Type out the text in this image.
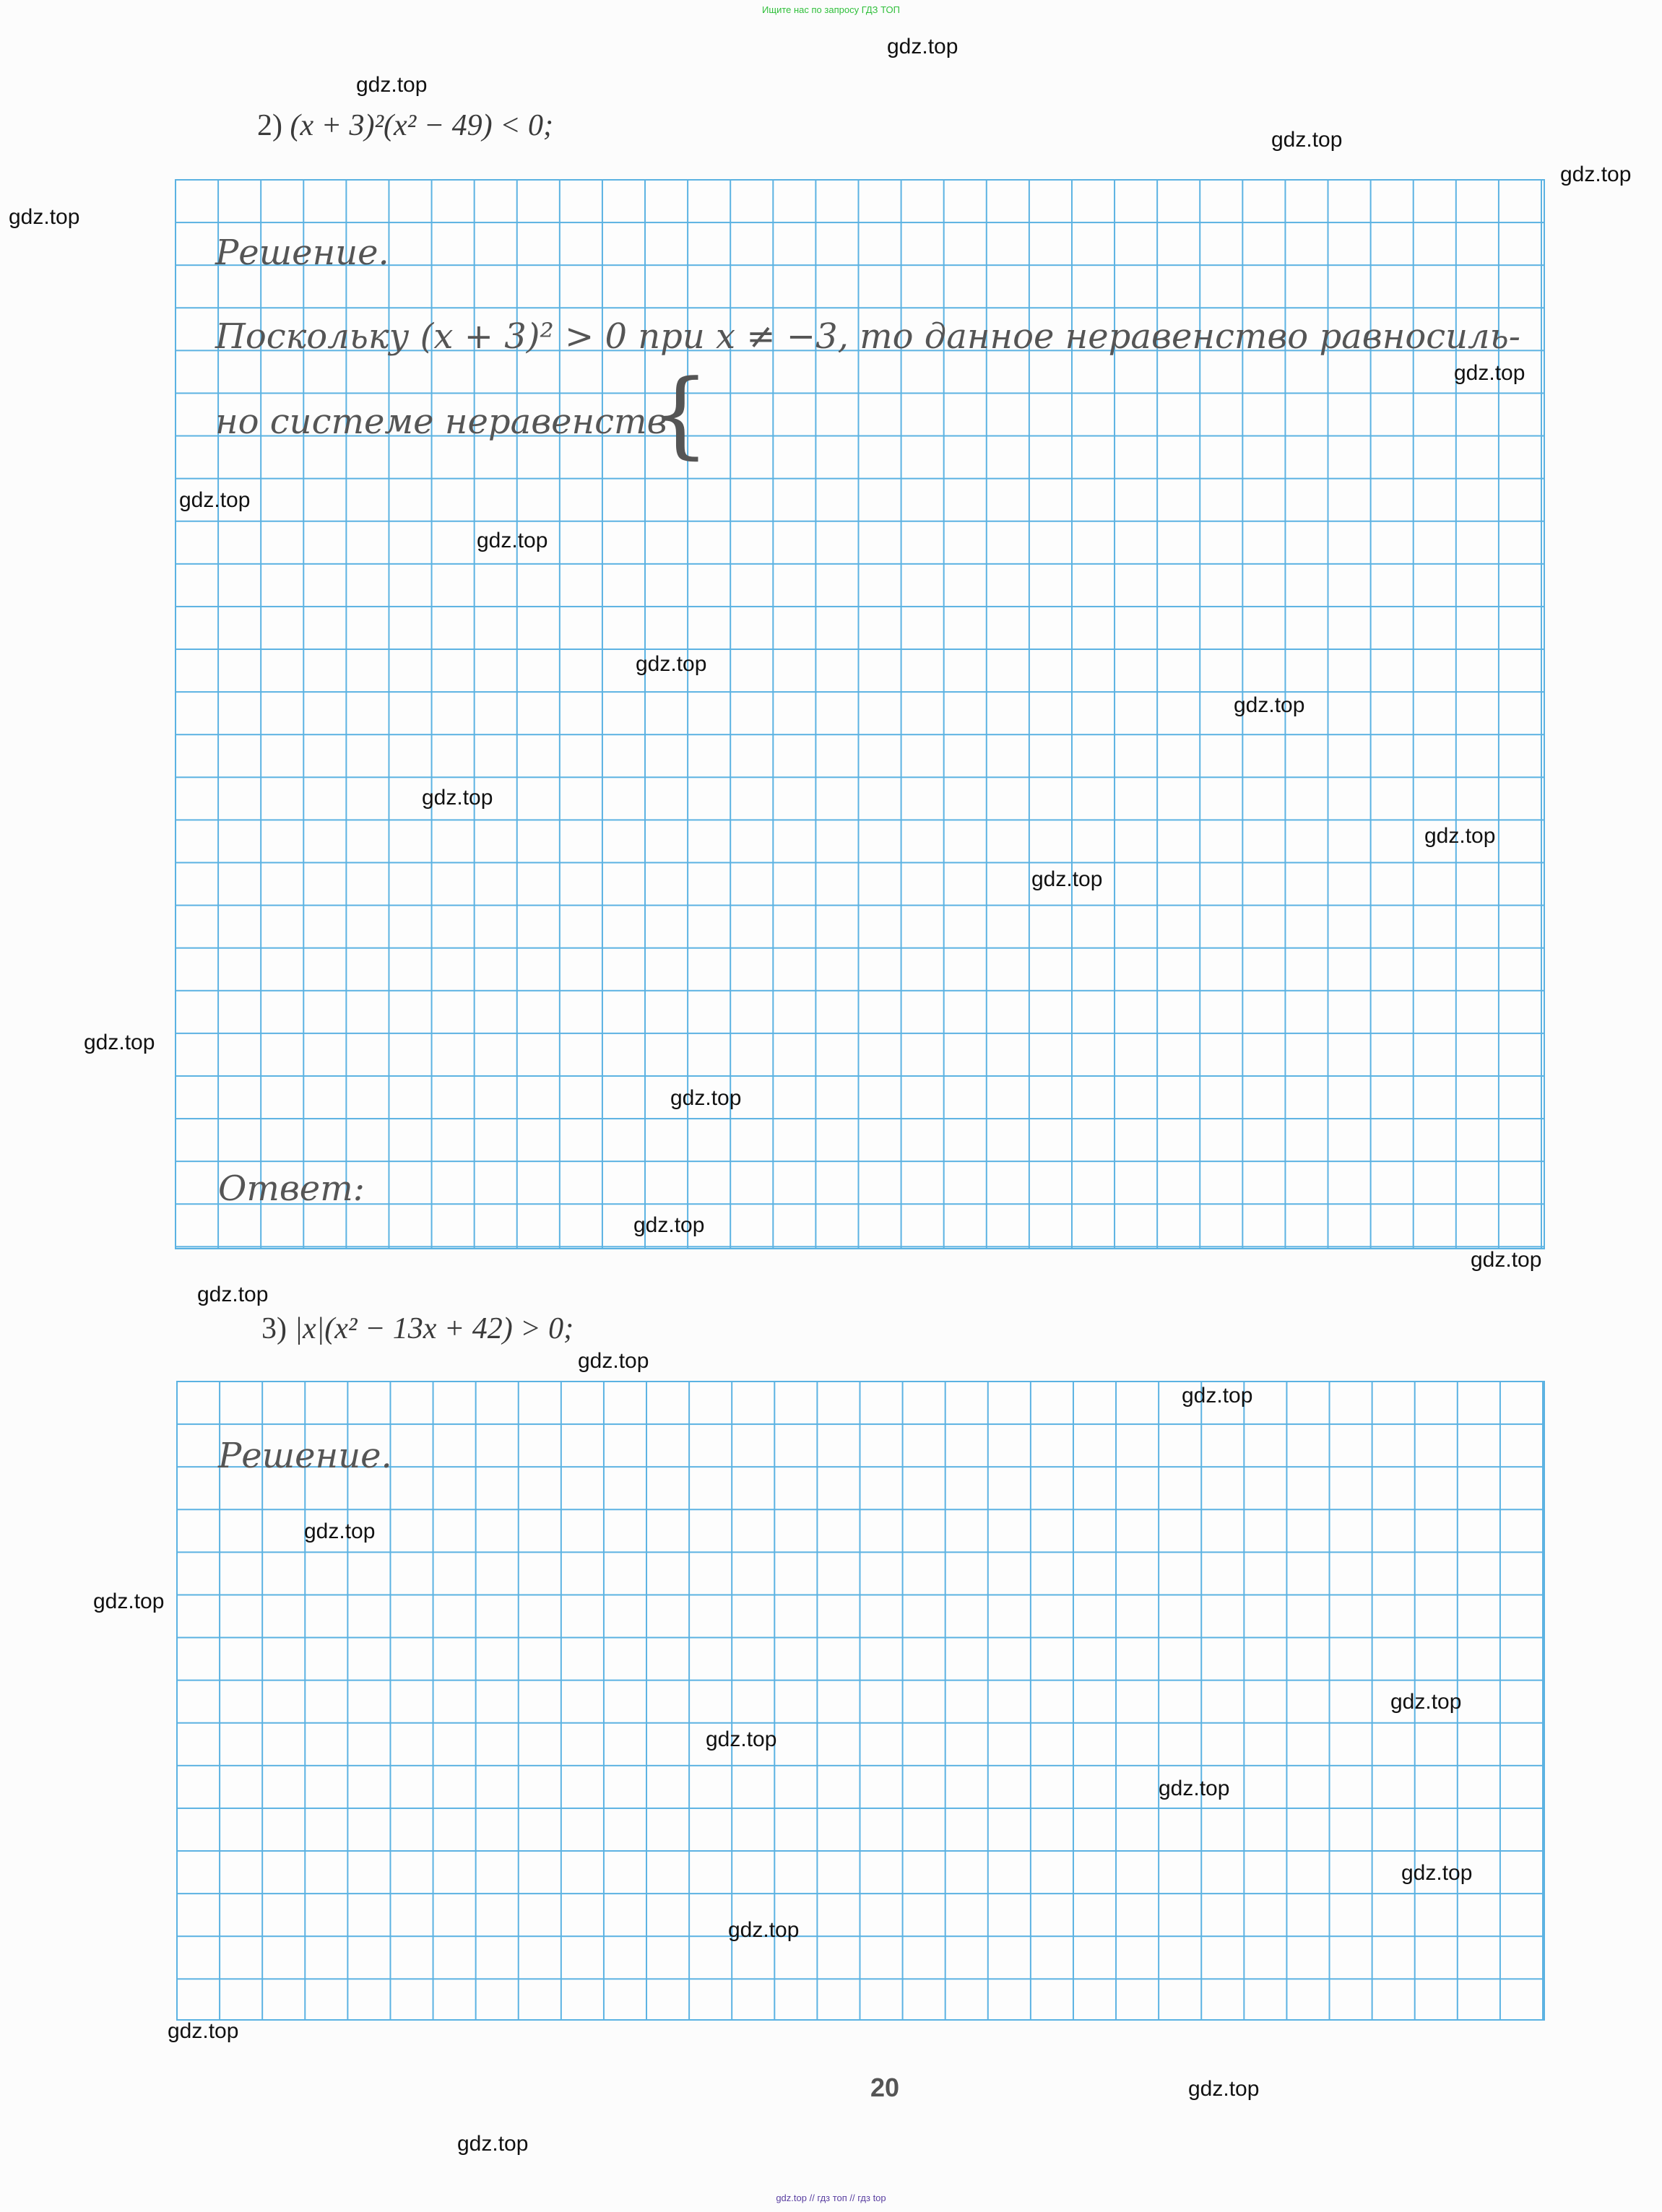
Ищите нас по запросу ГДЗ ТОП
2) (x + 3)²(x² − 49) < 0;
Решение.
Поскольку (x + 3)² > 0 при x ≠ −3, то данное неравенство равносиль-
но системе неравенств
{
Ответ:
3) |x|(x² − 13x + 42) > 0;
Решение.
20
gdz.top
gdz.top
gdz.top
gdz.top
gdz.top
gdz.top
gdz.top
gdz.top
gdz.top
gdz.top
gdz.top
gdz.top
gdz.top
gdz.top
gdz.top
gdz.top
gdz.top
gdz.top
gdz.top
gdz.top
gdz.top
gdz.top
gdz.top
gdz.top
gdz.top
gdz.top
gdz.top
gdz.top
gdz.top
gdz.top
gdz.top // гдз топ // гдз top
